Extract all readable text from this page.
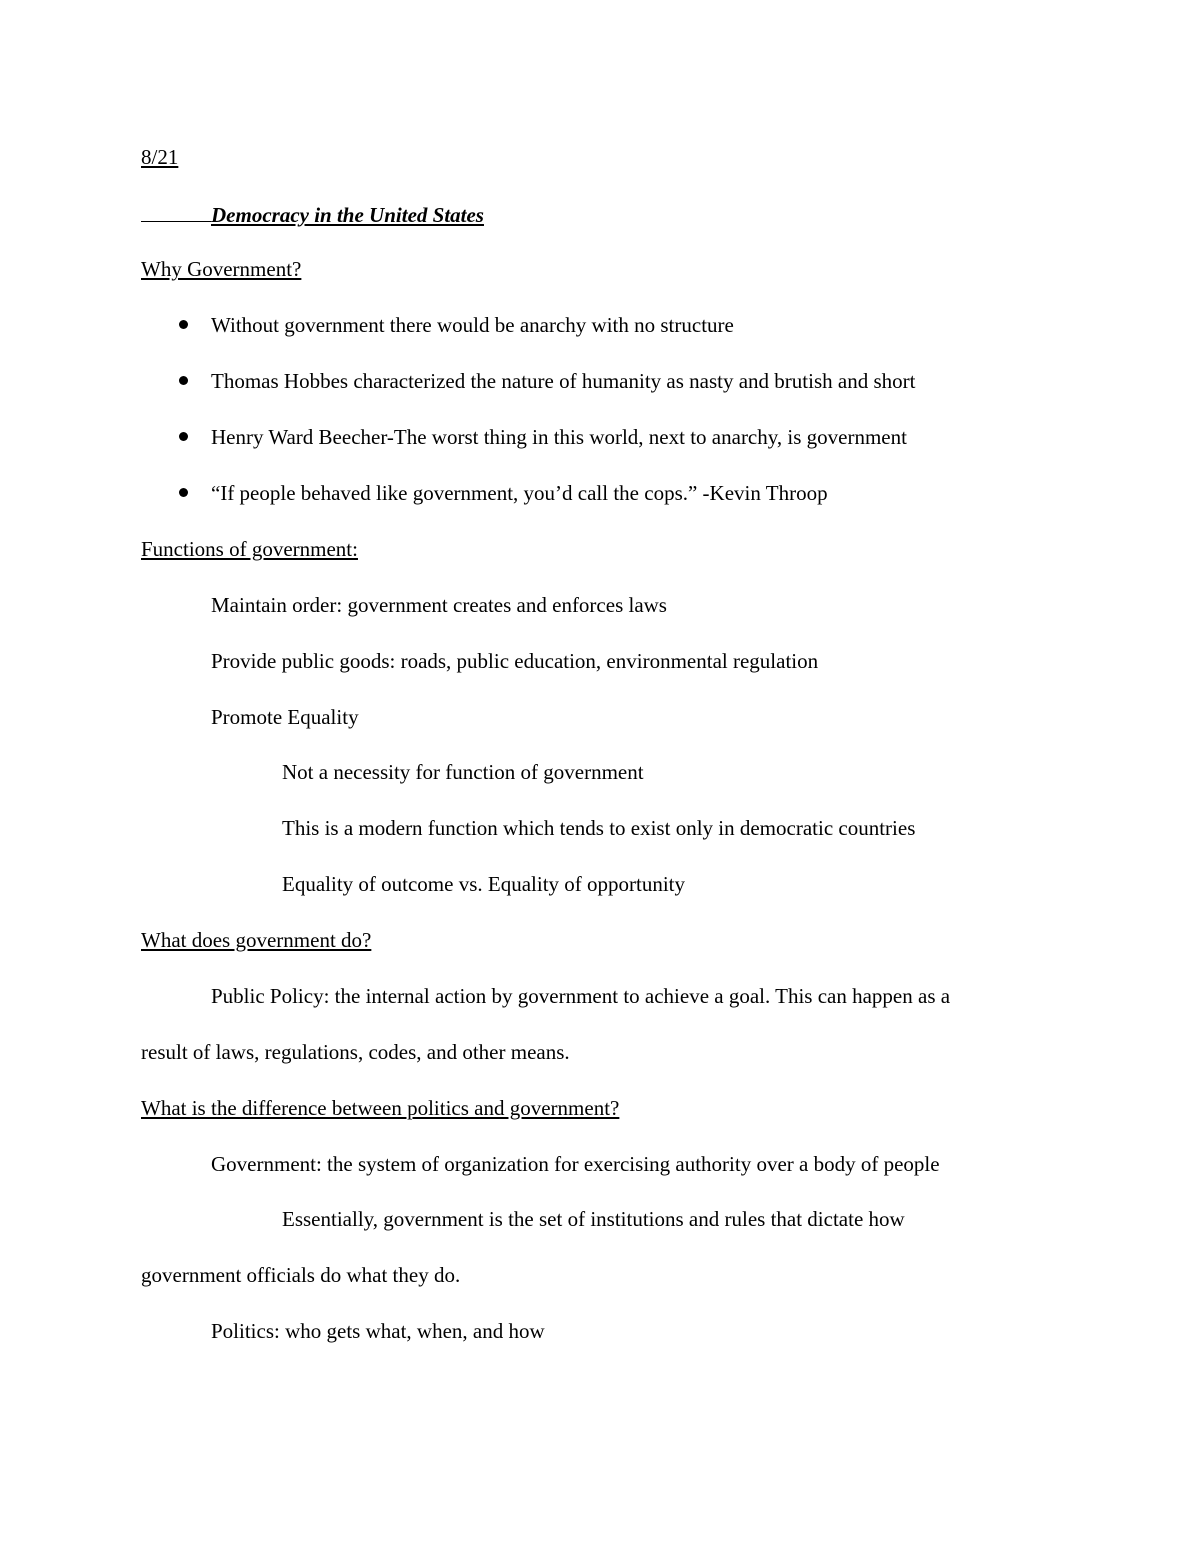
8/21
Democracy in the United States
Why Government?
Without government there would be anarchy with no structure
Thomas Hobbes characterized the nature of humanity as nasty and brutish and short
Henry Ward Beecher-The worst thing in this world, next to anarchy, is government
“If people behaved like government, you’d call the cops.” -Kevin Throop
Functions of government:
Maintain order: government creates and enforces laws
Provide public goods: roads, public education, environmental regulation
Promote Equality
Not a necessity for function of government
This is a modern function which tends to exist only in democratic countries
Equality of outcome vs. Equality of opportunity
What does government do?
Public Policy: the internal action by government to achieve a goal. This can happen as a
result of laws, regulations, codes, and other means.
What is the difference between politics and government?
Government: the system of organization for exercising authority over a body of people
Essentially, government is the set of institutions and rules that dictate how
government officials do what they do.
Politics: who gets what, when, and how
